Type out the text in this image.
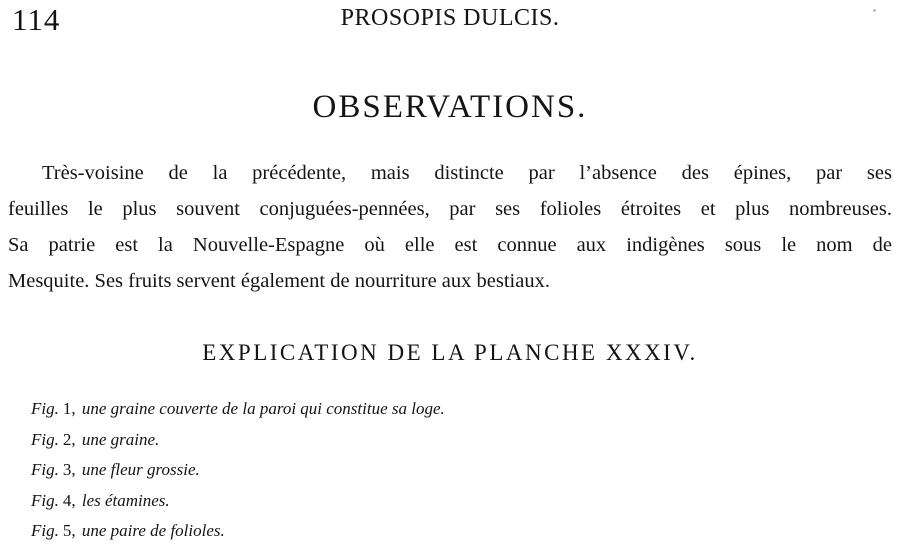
114	PROSOPIS DULCIS.
OBSERVATIONS.

Très-voisine de la précédente, mais distincte par l’absence des épines, par ses
feuilles le plus souvent conjuguées-pennées, par ses folioles étroites et plus nombreuses.
Sa patrie est la Nouvelle-Espagne où elle est connue aux indigènes sous le nom de
Mesquite. Ses fruits servent également de nourriture aux bestiaux.

EXPLICATION DE LA PLANCHE XXXIV.
Fig. 1, une graine couverte de la paroi qui constitue sa loge.
Fig. 2, une graine.
Fig. 3, une fleur grossie.
Fig. 4, les étamines.
Fig. 5, une paire de folioles.
